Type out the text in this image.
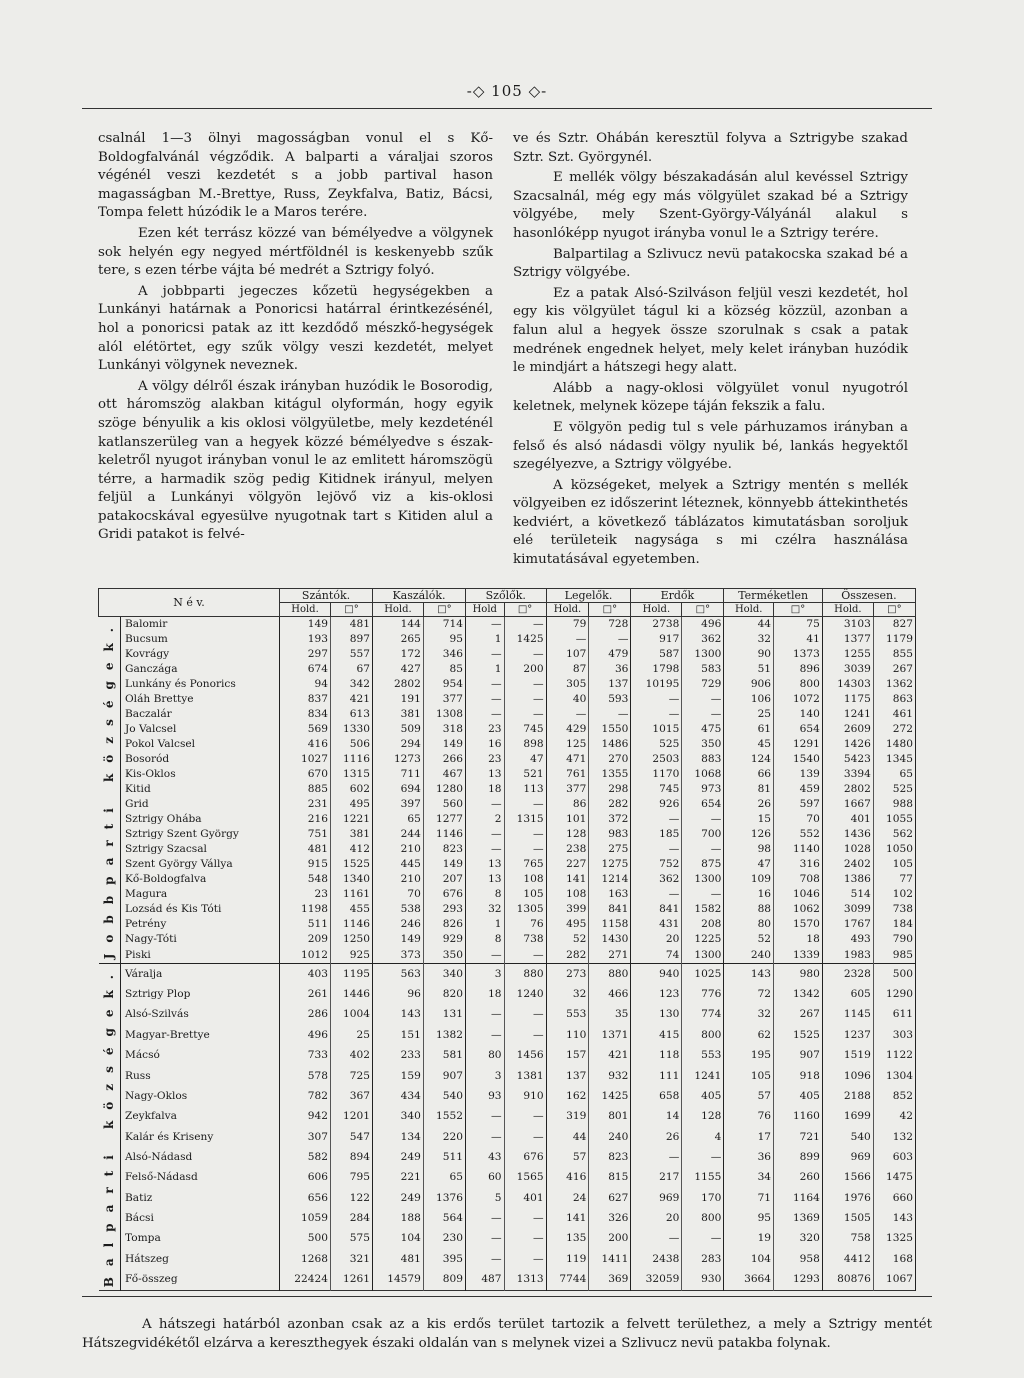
-◇ 105 ◇-

csalnál 1—3 ölnyi magosságban vonul el s Kő-Boldogfalvánál végződik. A balparti a váraljai szoros végénél veszi kezdetét s a jobb partival hason magasságban M.-Brettye, Russ, Zeykfalva, Batiz, Bácsi, Tompa felett húzódik le a Maros terére.

Ezen két terrász közzé van bémélyedve a völgynek sok helyén egy negyed mértföldnél is keskenyebb szűk tere, s ezen térbe vájta bé medrét a Sztrigy folyó.

A jobbparti jegeczes kőzetü hegységekben a Lunkányi határnak a Ponoricsi határral érintkezésénél, hol a ponoricsi patak az itt kezdődő mészkő-hegységek alól elétörtet, egy szűk völgy veszi kezdetét, melyet Lunkányi völgynek neveznek.

A völgy délről észak irányban huzódik le Bosorodig, ott háromszög alakban kitágul olyformán, hogy egyik szöge bényulik a kis oklosi völgyületbe, mely kezdeténél katlanszerüleg van a hegyek közzé bémélyedve s észak-keletről nyugot irányban vonul le az emlitett háromszögü térre, a harmadik szög pedig Kitidnek irányul, melyen feljül a Lunkányi völgyön lejövő viz a kis-oklosi patakocskával egyesülve nyugotnak tart s Kitiden alul a Gridi patakot is felvé-

ve és Sztr. Ohábán keresztül folyva a Sztrigybe szakad Sztr. Szt. Györgynél.

E mellék völgy bészakadásán alul kevéssel Sztrigy Szacsalnál, még egy más völgyület szakad bé a Sztrigy völgyébe, mely Szent-György-Vályánál alakul s hasonlóképp nyugot irányba vonul le a Sztrigy terére.

Balpartilag a Szlivucz nevü patakocska szakad bé a Sztrigy völgyébe.

Ez a patak Alsó-Szilváson feljül veszi kezdetét, hol egy kis völgyület tágul ki a község közzül, azonban a falun alul a hegyek össze szorulnak s csak a patak medrének engednek helyet, mely kelet irányban huzódik le mindjárt a hátszegi hegy alatt.

Alább a nagy-oklosi völgyület vonul nyugotról keletnek, melynek közepe táján fekszik a falu.

E völgyön pedig tul s vele párhuzamos irányban a felső és alsó nádasdi völgy nyulik bé, lankás hegyektől szegélyezve, a Sztrigy völgyébe.

A községeket, melyek a Sztrigy mentén s mellék völgyeiben ez időszerint léteznek, könnyebb áttekinthetés kedviért, a következő táblázatos kimutatásban soroljuk elé területeik nagysága s mi czélra használása kimutatásával egyetemben.

N é v.		Szántók.		Kaszálók.		Szőlők.		Legelők.		Erdők		Terméketlen		Összesen.	
		Hold.	□°	Hold.	□°	Hold	□°	Hold.	□°	Hold.	□°	Hold.	□°	Hold.	□°
Jobbparti községek.	Balomir	149	481	144	714	—	—	79	728	2738	496	44	75	3103	827
	Bucsum	193	897	265	95	1	1425	—	—	917	362	32	41	1377	1179
	Kovrágy	297	557	172	346	—	—	107	479	587	1300	90	1373	1255	855
	Ganczága	674	67	427	85	1	200	87	36	1798	583	51	896	3039	267
	Lunkány és Ponorics	94	342	2802	954	—	—	305	137	10195	729	906	800	14303	1362
	Oláh Brettye	837	421	191	377	—	—	40	593	—	—	106	1072	1175	863
	Baczalár	834	613	381	1308	—	—	—	—	—	—	25	140	1241	461
	Jo Valcsel	569	1330	509	318	23	745	429	1550	1015	475	61	654	2609	272
	Pokol Valcsel	416	506	294	149	16	898	125	1486	525	350	45	1291	1426	1480
	Bosoród	1027	1116	1273	266	23	47	471	270	2503	883	124	1540	5423	1345
	Kis-Oklos	670	1315	711	467	13	521	761	1355	1170	1068	66	139	3394	65
	Kitid	885	602	694	1280	18	113	377	298	745	973	81	459	2802	525
	Grid	231	495	397	560	—	—	86	282	926	654	26	597	1667	988
	Sztrigy Ohába	216	1221	65	1277	2	1315	101	372	—	—	15	70	401	1055
	Sztrigy Szent György	751	381	244	1146	—	—	128	983	185	700	126	552	1436	562
	Sztrigy Szacsal	481	412	210	823	—	—	238	275	—	—	98	1140	1028	1050
	Szent György Vállya	915	1525	445	149	13	765	227	1275	752	875	47	316	2402	105
	Kő-Boldogfalva	548	1340	210	207	13	108	141	1214	362	1300	109	708	1386	77
	Magura	23	1161	70	676	8	105	108	163	—	—	16	1046	514	102
	Lozsád és Kis Tóti	1198	455	538	293	32	1305	399	841	841	1582	88	1062	3099	738
	Petrény	511	1146	246	826	1	76	495	1158	431	208	80	1570	1767	184
	Nagy-Tóti	209	1250	149	929	8	738	52	1430	20	1225	52	18	493	790
	Piski	1012	925	373	350	—	—	282	271	74	1300	240	1339	1983	985
Balparti községek.	Váralja	403	1195	563	340	3	880	273	880	940	1025	143	980	2328	500
	Sztrigy Plop	261	1446	96	820	18	1240	32	466	123	776	72	1342	605	1290
	Alsó-Szilvás	286	1004	143	131	—	—	553	35	130	774	32	267	1145	611
	Magyar-Brettye	496	25	151	1382	—	—	110	1371	415	800	62	1525	1237	303
	Mácsó	733	402	233	581	80	1456	157	421	118	553	195	907	1519	1122
	Russ	578	725	159	907	3	1381	137	932	111	1241	105	918	1096	1304
	Nagy-Oklos	782	367	434	540	93	910	162	1425	658	405	57	405	2188	852
	Zeykfalva	942	1201	340	1552	—	—	319	801	14	128	76	1160	1699	42
	Kalár és Kriseny	307	547	134	220	—	—	44	240	26	4	17	721	540	132
	Alsó-Nádasd	582	894	249	511	43	676	57	823	—	—	36	899	969	603
	Felső-Nádasd	606	795	221	65	60	1565	416	815	217	1155	34	260	1566	1475
	Batiz	656	122	249	1376	5	401	24	627	969	170	71	1164	1976	660
	Bácsi	1059	284	188	564	—	—	141	326	20	800	95	1369	1505	143
	Tompa	500	575	104	230	—	—	135	200	—	—	19	320	758	1325
	Hátszeg	1268	321	481	395	—	—	119	1411	2438	283	104	958	4412	168
	Fő-összeg	22424	1261	14579	809	487	1313	7744	369	32059	930	3664	1293	80876	1067

A hátszegi határból azonban csak az a kis erdős terület tartozik a felvett területhez, a mely a Sztrigy mentét Hátszegvidékétől elzárva a kereszthegyek északi oldalán van s melynek vizei a Szlivucz nevü patakba folynak.
